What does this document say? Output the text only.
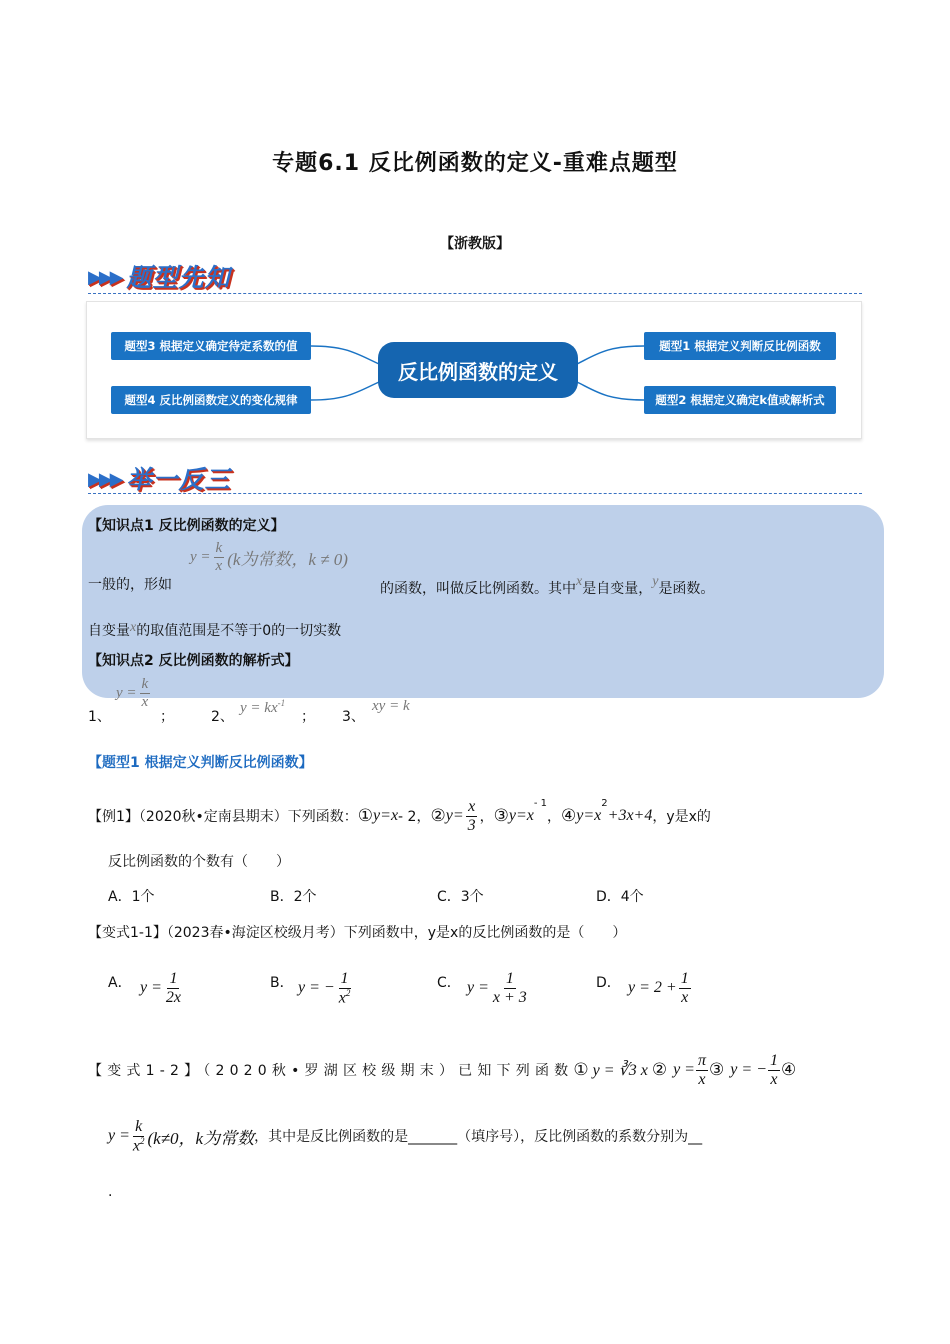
专题6.1 反比例函数的定义-重难点题型
【浙教版】
▶▶▶ 题型先知
题型3 根据定义确定待定系数的值
题型4 反比例函数定义的变化规律
反比例函数的定义
题型1 根据定义判断反比例函数
题型2 根据定义确定k值或解析式
▶▶▶ 举一反三
【知识点1 反比例函数的定义】
一般的，形如
$y = \frac{k}{x} (k$为常数，k ≠ 0)
的函数，叫做反比例函数。其中x是自变量，y是函数。
自变量x的取值范围是不等于0的一切实数
【知识点2 反比例函数的解析式】
1、
$y = \frac{k}{x}$
；	2、
$y = kx^{-1}$
； 3、
xy = k
【题型1 根据定义判断反比例函数】
【例1】（2020秋•定南县期末）下列函数： ① y=x - 2， ② $y= \frac{x}{3}$ ， ③ y=x
$^{- 1}$
， ④ y=x
$^2$
+3x+4 ，y是x的
反比例函数的个数有（　　）
A．1个	B．2个	C．3个	D．4个
【变式1-1】（2023春•海淀区校级月考）下列函数中，y是x的反比例函数的是（　　）
A． $y = \frac{1}{2x}$	B． y = − $\frac{1}{x^2}$	C． $y = \frac{1}{x + 3}$	D． $y = 2 + \frac{1}{x}$
【变式1-2】（2020秋•罗湖区校级期末）已知下列函数 ① y = ∛3 x ② $y = \frac{\pi}{x}$ ③ y = − $\frac{1}{x}$ ④
$y = \frac{k}{x^2} (k\ne 0$，k为常数 ，其中是反比例函数的是_______（填序号），反比例函数的系数分别为__
.
